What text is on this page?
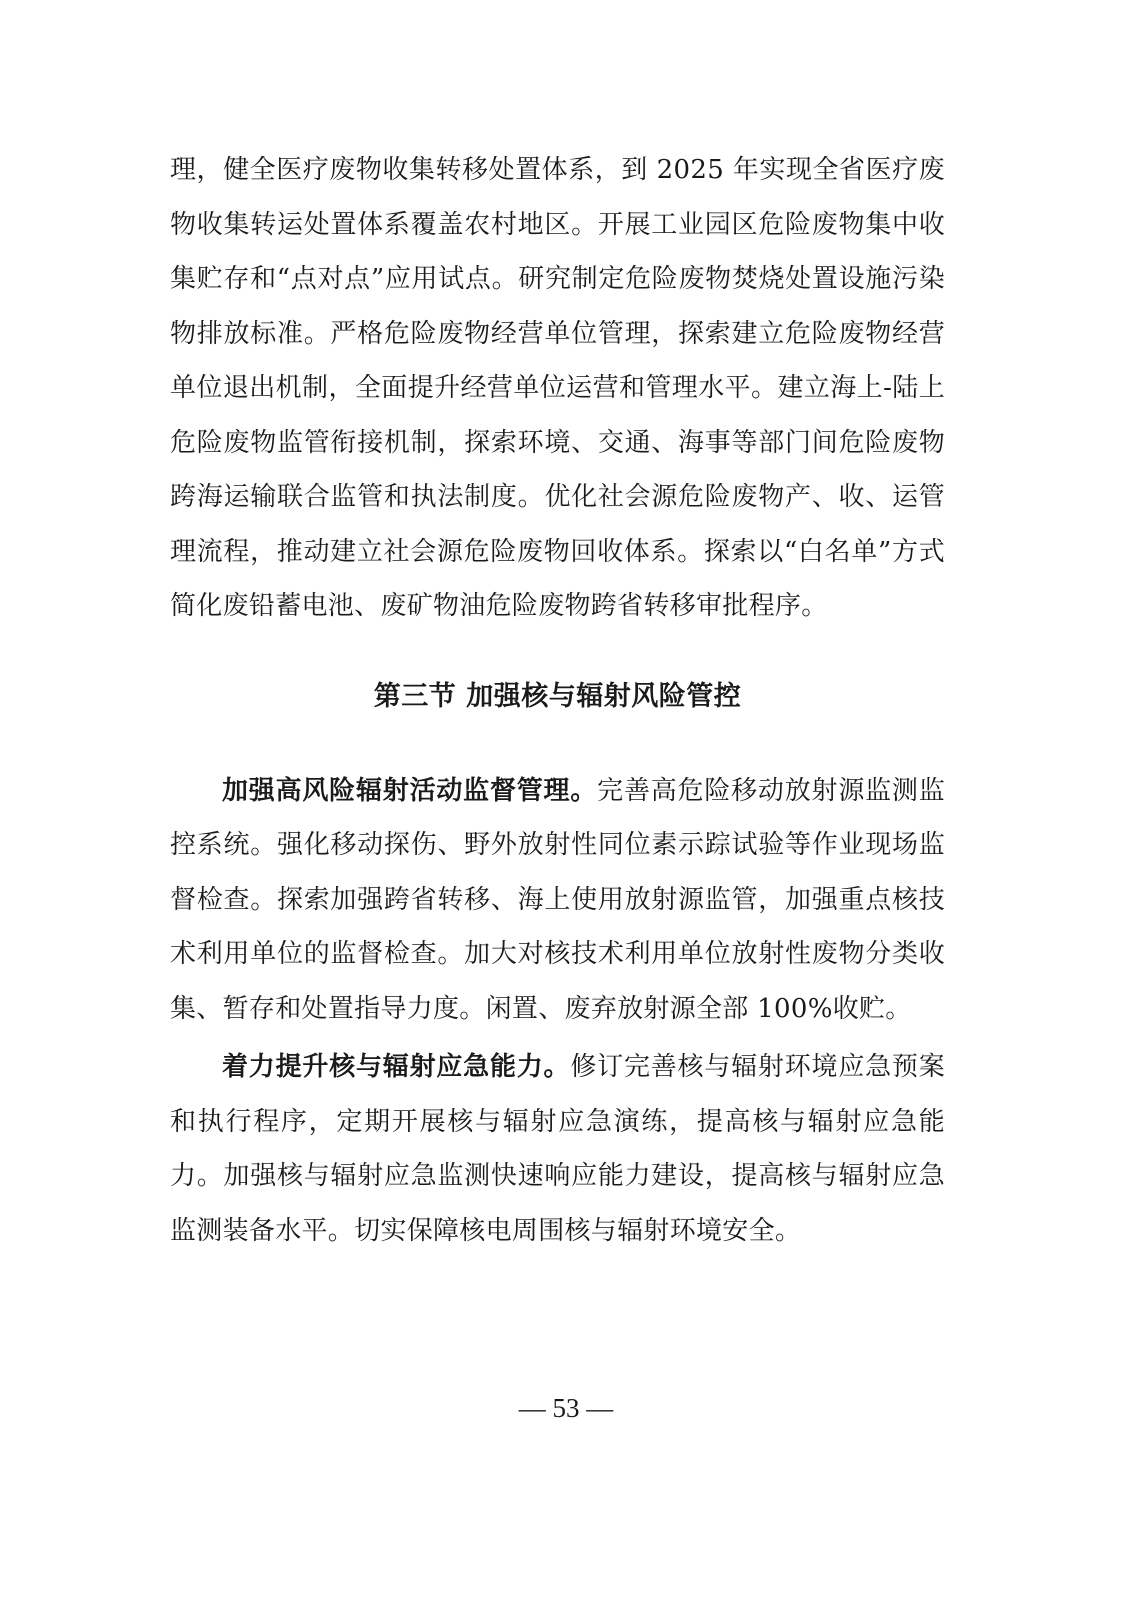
理，健全医疗废物收集转移处置体系，到 2025 年实现全省医疗废物收集转运处置体系覆盖农村地区。开展工业园区危险废物集中收集贮存和“点对点”应用试点。研究制定危险废物焚烧处置设施污染物排放标准。严格危险废物经营单位管理，探索建立危险废物经营单位退出机制，全面提升经营单位运营和管理水平。建立海上-陆上危险废物监管衔接机制，探索环境、交通、海事等部门间危险废物跨海运输联合监管和执法制度。优化社会源危险废物产、收、运管理流程，推动建立社会源危险废物回收体系。探索以“白名单”方式简化废铅蓄电池、废矿物油危险废物跨省转移审批程序。

第三节 加强核与辐射风险管控

加强高风险辐射活动监督管理。完善高危险移动放射源监测监控系统。强化移动探伤、野外放射性同位素示踪试验等作业现场监督检查。探索加强跨省转移、海上使用放射源监管，加强重点核技术利用单位的监督检查。加大对核技术利用单位放射性废物分类收集、暂存和处置指导力度。闲置、废弃放射源全部 100%收贮。

着力提升核与辐射应急能力。修订完善核与辐射环境应急预案和执行程序，定期开展核与辐射应急演练，提高核与辐射应急能力。加强核与辐射应急监测快速响应能力建设，提高核与辐射应急监测装备水平。切实保障核电周围核与辐射环境安全。

— 53 —
